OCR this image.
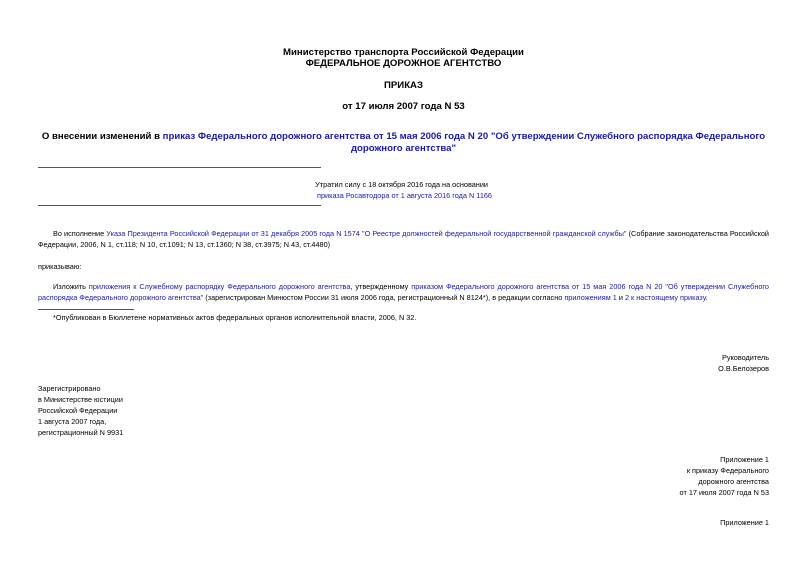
Министерство транспорта Российской Федерации
ФЕДЕРАЛЬНОЕ ДОРОЖНОЕ АГЕНТСТВО
ПРИКАЗ
от 17 июля 2007 года N 53
О внесении изменений в приказ Федерального дорожного агентства от 15 мая 2006 года N 20 "Об утверждении Служебного распорядка Федерального дорожного агентства"
Утратил силу с 18 октября 2016 года на основании
приказа Росавтодора от 1 августа 2016 года N 1166
Во исполнение Указа Президента Российской Федерации от 31 декабря 2005 года N 1574 "О Реестре должностей федеральной государственной гражданской службы" (Собрание законодательства Российской Федерации, 2006, N 1, ст.118; N 10, ст.1091; N 13, ст.1360; N 38, ст.3975; N 43, ст.4480)
приказываю:
Изложить приложения к Служебному распорядку Федерального дорожного агентства, утвержденному приказом Федерального дорожного агентства от 15 мая 2006 года N 20 "Об утверждении Служебного распорядка Федерального дорожного агентства" (зарегистрирован Минюстом России 31 июля 2006 года, регистрационный N 8124*), в редакции согласно приложениям 1 и 2 к настоящему приказу.
*Опубликован в Бюллетене нормативных актов федеральных органов исполнительной власти, 2006, N 32.
Руководитель
О.В.Белозеров
Зарегистрировано
в Министерстве юстиции
Российской Федерации
1 августа 2007 года,
регистрационный N 9931
Приложение 1
к приказу Федерального
дорожного агентства
от 17 июля 2007 года N 53
Приложение 1
